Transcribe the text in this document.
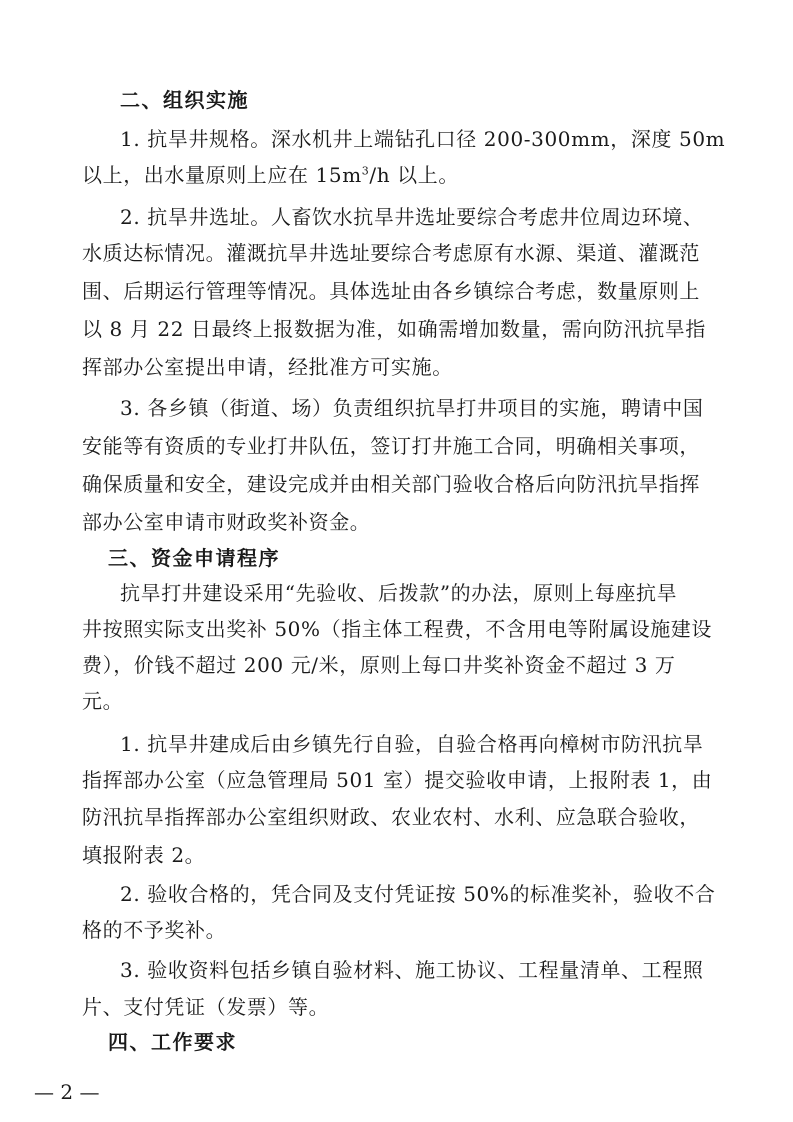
二、组织实施
1. 抗旱井规格。深水机井上端钻孔口径 200-300mm，深度 50m
以上，出水量原则上应在 $15m^3/h$ 以上。
2. 抗旱井选址。人畜饮水抗旱井选址要综合考虑井位周边环境、
水质达标情况。灌溉抗旱井选址要综合考虑原有水源、渠道、灌溉范
围、后期运行管理等情况。具体选址由各乡镇综合考虑，数量原则上
以 8 月 22 日最终上报数据为准，如确需增加数量，需向防汛抗旱指
挥部办公室提出申请，经批准方可实施。
3. 各乡镇（街道、场）负责组织抗旱打井项目的实施，聘请中国
安能等有资质的专业打井队伍，签订打井施工合同，明确相关事项，
确保质量和安全，建设完成并由相关部门验收合格后向防汛抗旱指挥
部办公室申请市财政奖补资金。
三、资金申请程序
抗旱打井建设采用“先验收、后拨款”的办法，原则上每座抗旱
井按照实际支出奖补 50%（指主体工程费，不含用电等附属设施建设
费），价钱不超过 200 元/米，原则上每口井奖补资金不超过 3 万
元。
1. 抗旱井建成后由乡镇先行自验，自验合格再向樟树市防汛抗旱
指挥部办公室（应急管理局 501 室）提交验收申请，上报附表 1，由
防汛抗旱指挥部办公室组织财政、农业农村、水利、应急联合验收，
填报附表 2。
2. 验收合格的，凭合同及支付凭证按 50%的标准奖补，验收不合
格的不予奖补。
3. 验收资料包括乡镇自验材料、施工协议、工程量清单、工程照
片、支付凭证（发票）等。
四、工作要求
— 2 —
